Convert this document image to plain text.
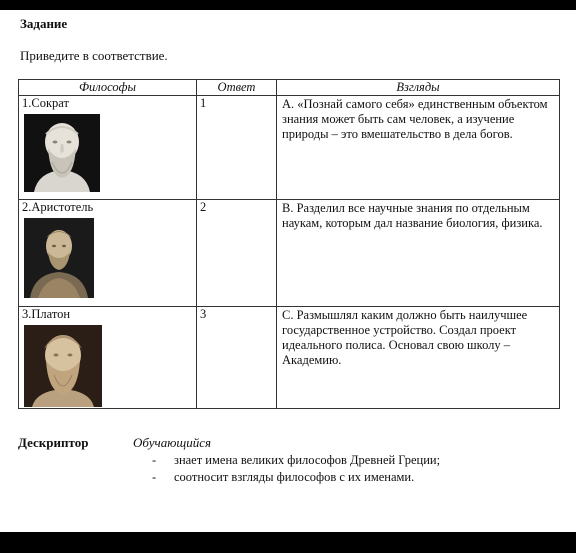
Задание
Приведите в соответствие.
Философы	Ответ	Взгляды
1.Сократ	1	А. «Познай самого себя» единственным объектом знания может быть сам человек, а изучение природы – это вмешательство в дела богов.
2.Аристотель	2	В. Разделил все научные знания по отдельным наукам, которым дал название биология, физика.
3.Платон	3	С. Размышлял каким должно быть наилучшее государственное устройство. Создал проект идеального полиса. Основал свою школу –Академию.
Дескриптор	Обучающийся
- знает имена великих философов Древней Греции;
- соотносит взгляды философов с их именами.
